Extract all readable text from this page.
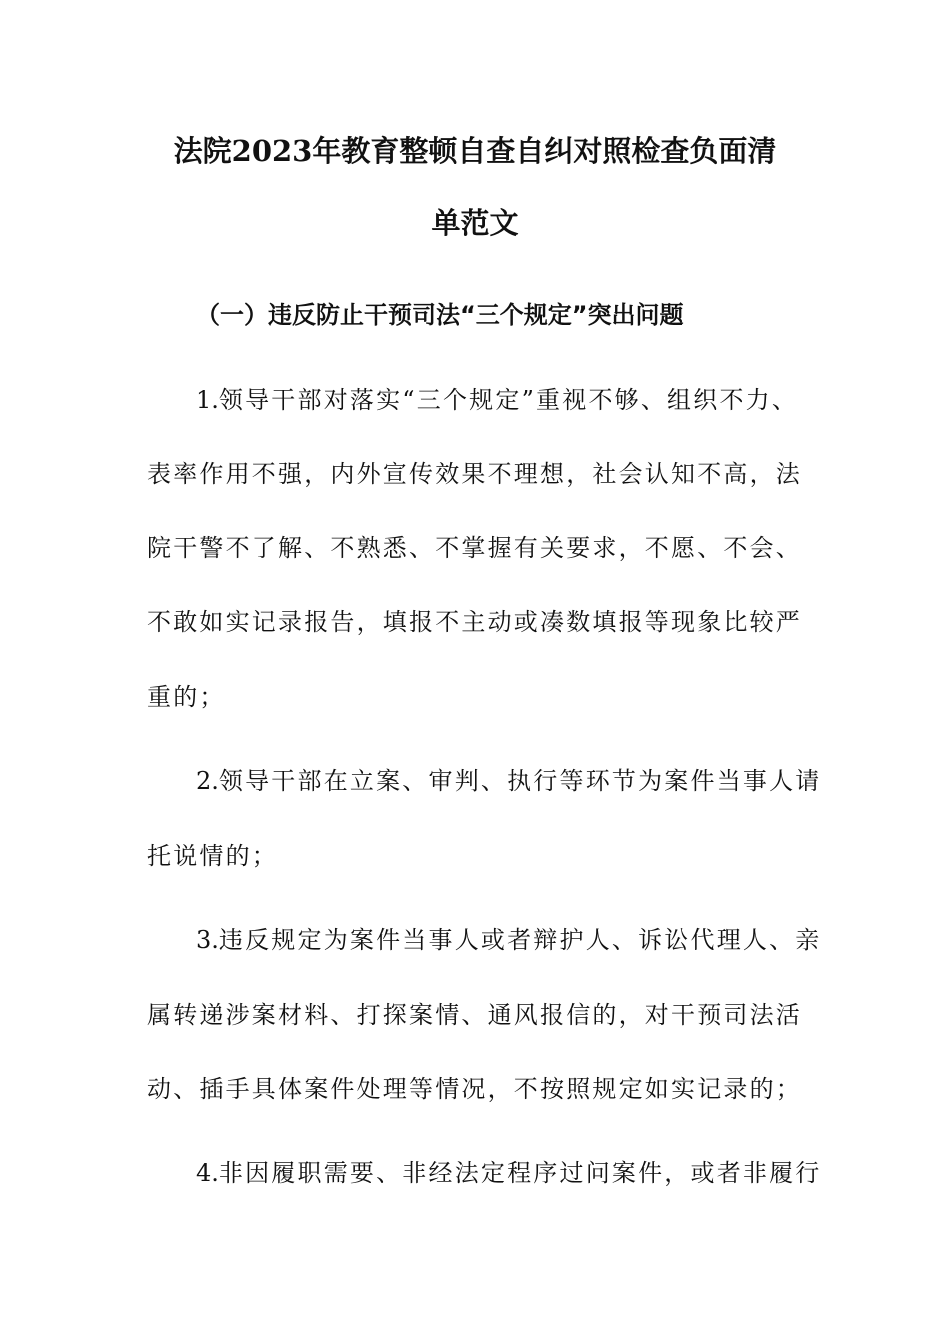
法院2023年教育整顿自查自纠对照检查负面清
单范文
（一）违反防止干预司法“三个规定”突出问题
1.领导干部对落实“三个规定”重视不够、组织不力、
表率作用不强，内外宣传效果不理想，社会认知不高，法
院干警不了解、不熟悉、不掌握有关要求，不愿、不会、
不敢如实记录报告，填报不主动或凑数填报等现象比较严
重的；
2.领导干部在立案、审判、执行等环节为案件当事人请
托说情的；
3.违反规定为案件当事人或者辩护人、诉讼代理人、亲
属转递涉案材料、打探案情、通风报信的，对干预司法活
动、插手具体案件处理等情况，不按照规定如实记录的；
4.非因履职需要、非经法定程序过问案件，或者非履行
